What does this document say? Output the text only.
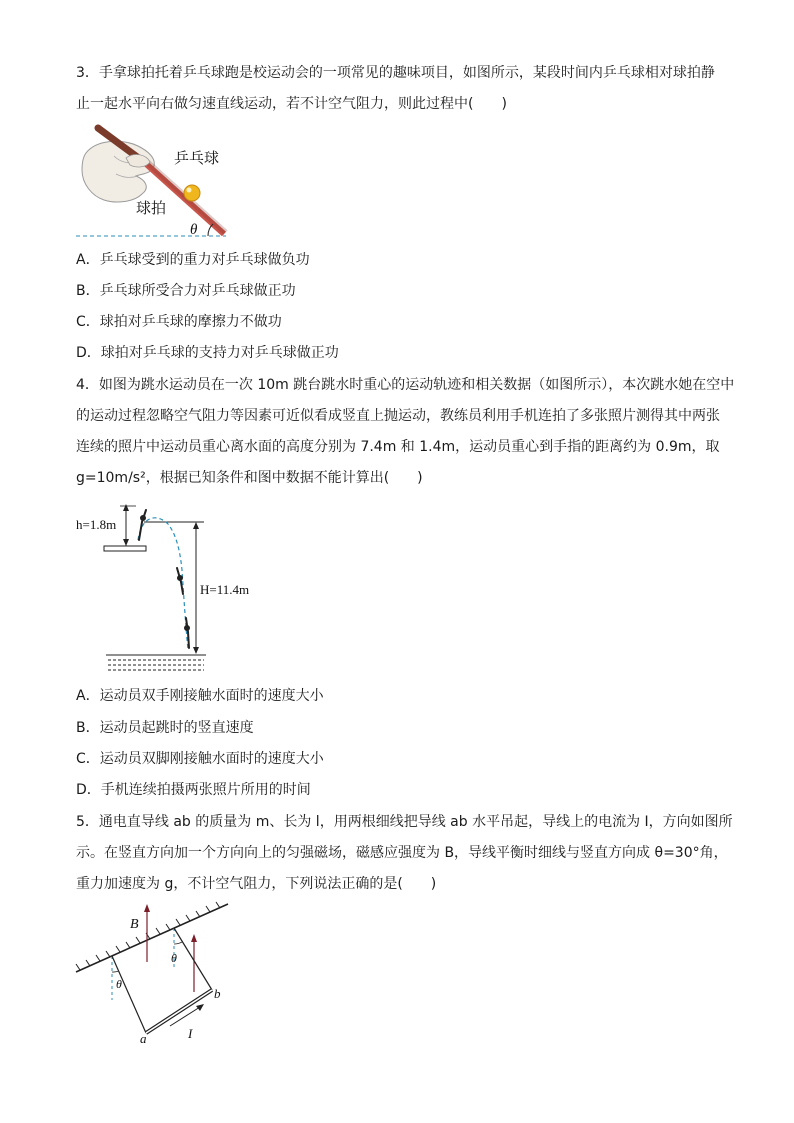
3．手拿球拍托着乒乓球跑是校运动会的一项常见的趣味项目，如图所示，某段时间内乒乓球相对球拍静
止一起水平向右做匀速直线运动，若不计空气阻力，则此过程中(　　)
乒乓球
球拍
θ
A．乒乓球受到的重力对乒乓球做负功
B．乒乓球所受合力对乒乓球做正功
C．球拍对乒乓球的摩擦力不做功
D．球拍对乒乓球的支持力对乒乓球做正功
4．如图为跳水运动员在一次 10m 跳台跳水时重心的运动轨迹和相关数据（如图所示），本次跳水她在空中
的运动过程忽略空气阻力等因素可近似看成竖直上抛运动，教练员利用手机连拍了多张照片测得其中两张
连续的照片中运动员重心离水面的高度分别为 7.4m 和 1.4m，运动员重心到手指的距离约为 0.9m，取
g=10m/s²，根据已知条件和图中数据不能计算出(　　)
h=1.8m
H=11.4m
A．运动员双手刚接触水面时的速度大小
B．运动员起跳时的竖直速度
C．运动员双脚刚接触水面时的速度大小
D．手机连续拍摄两张照片所用的时间
5．通电直导线 ab 的质量为 m、长为 l，用两根细线把导线 ab 水平吊起，导线上的电流为 I，方向如图所
示。在竖直方向加一个方向向上的匀强磁场，磁感应强度为 B，导线平衡时细线与竖直方向成 θ=30°角，
重力加速度为 g，不计空气阻力，下列说法正确的是(　　)
B
θ
θ
a
b
I
